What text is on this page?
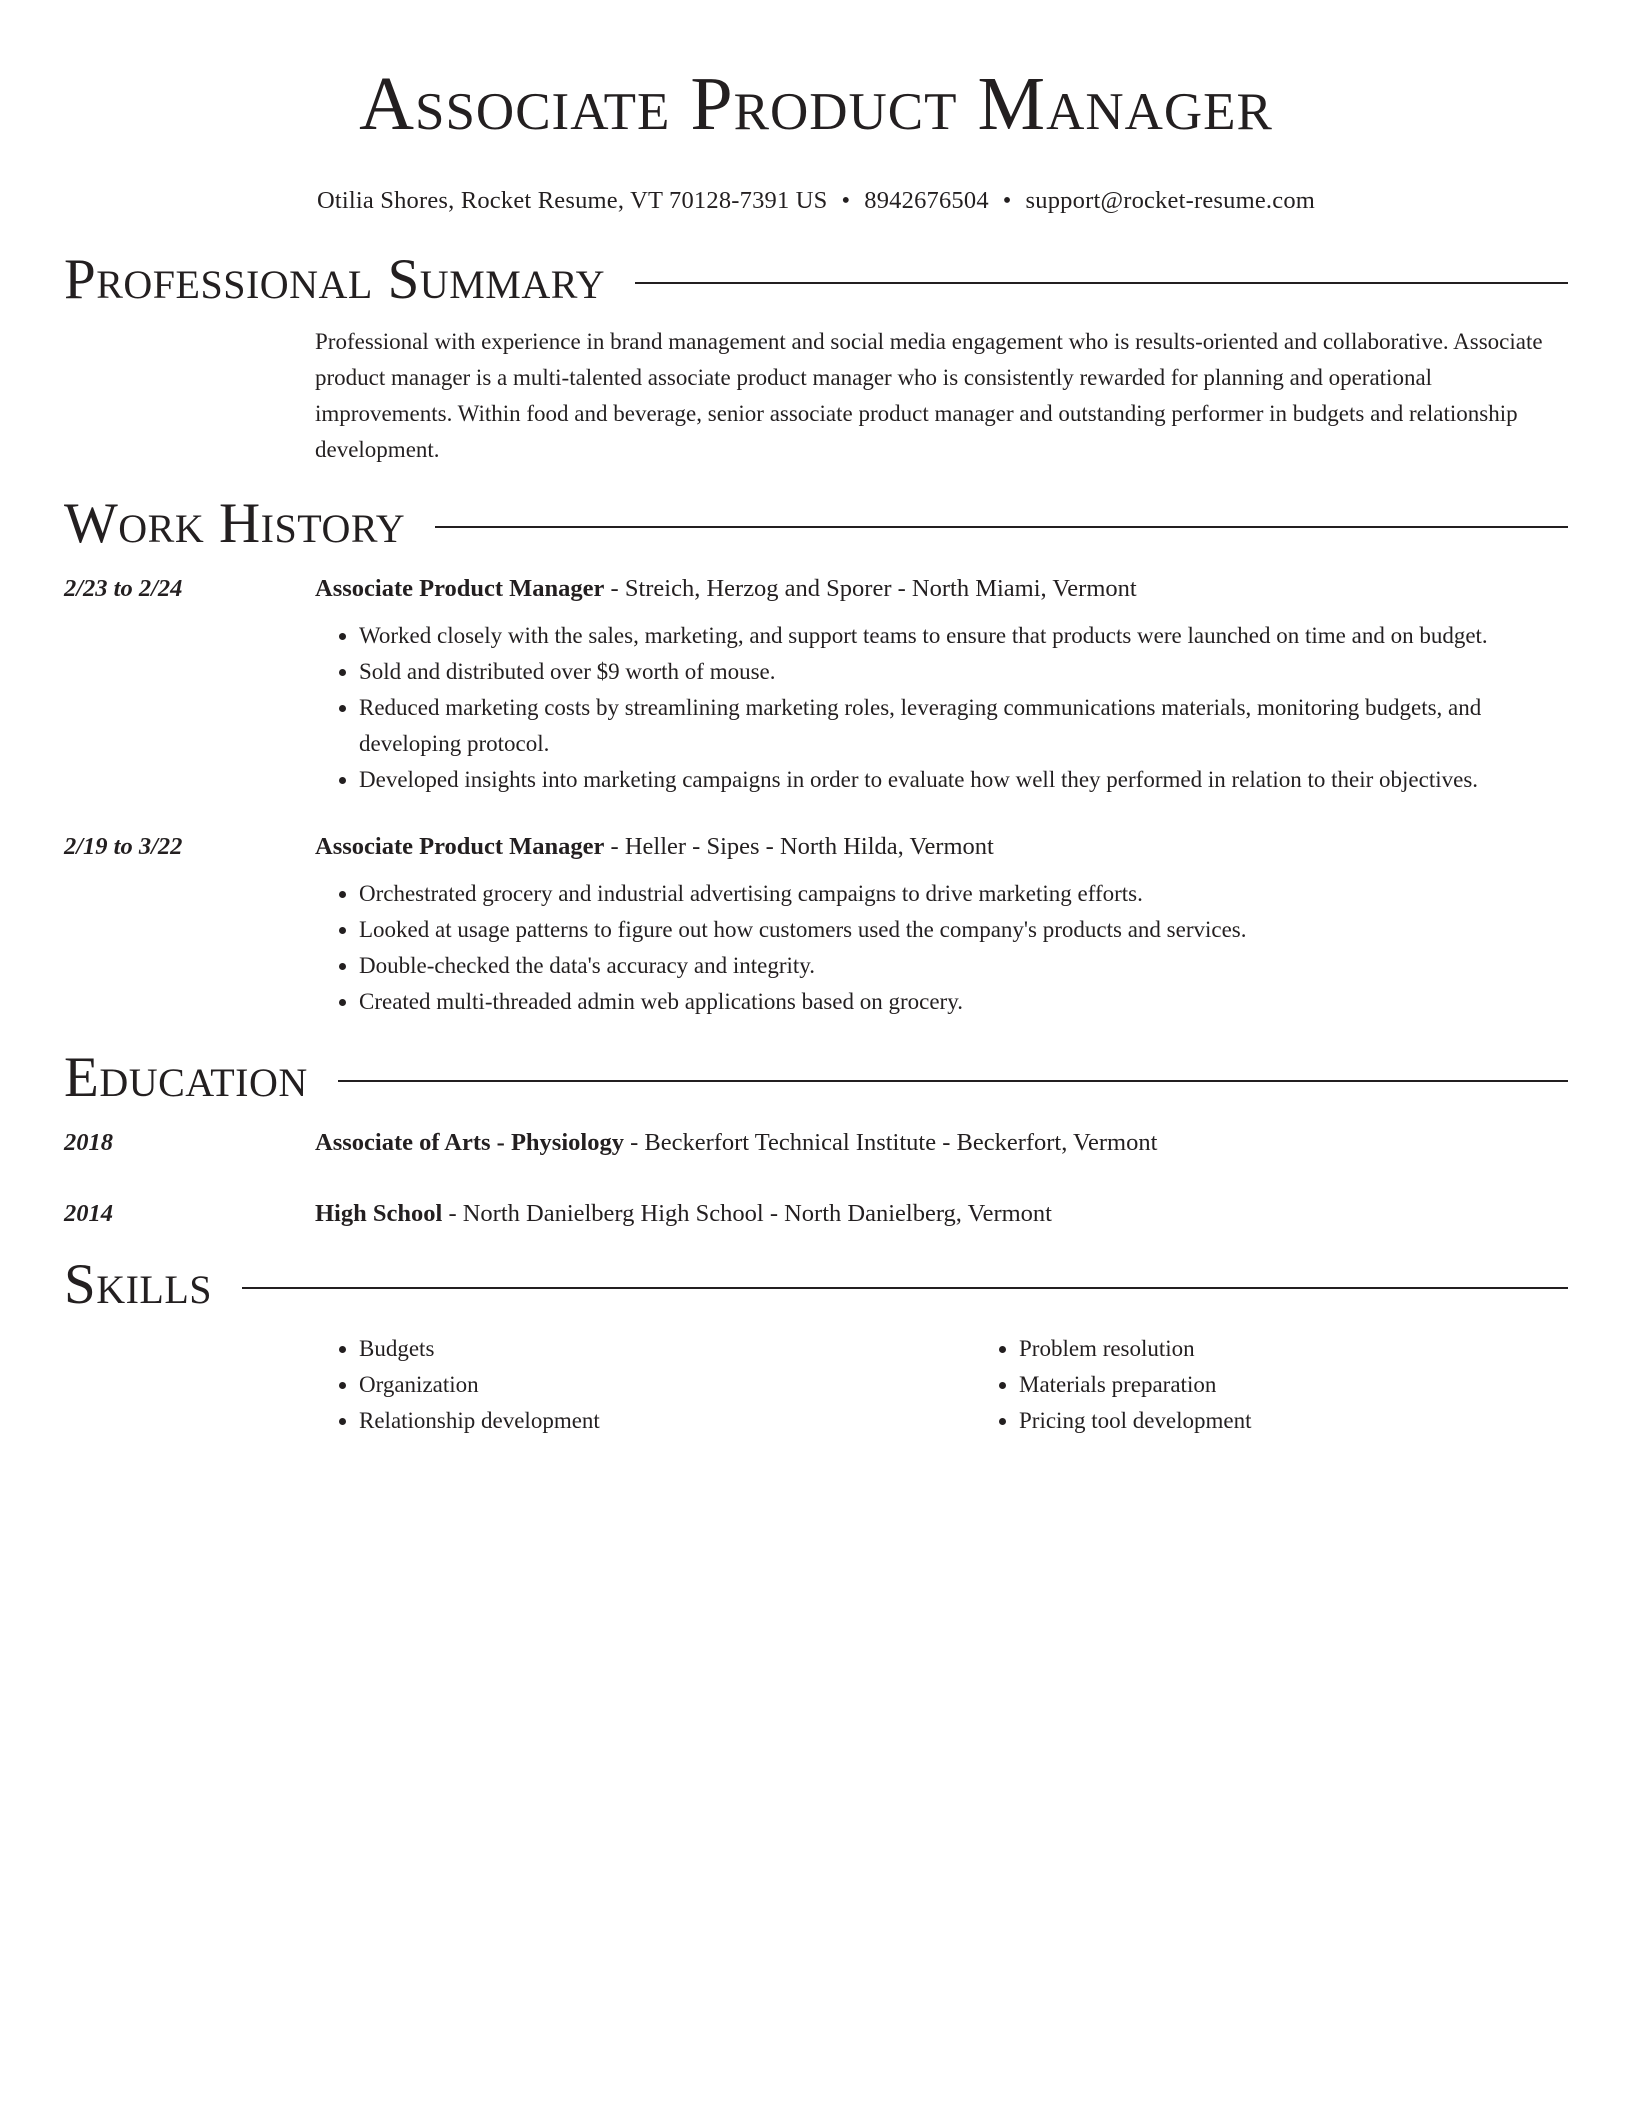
Associate Product Manager
Otilia Shores, Rocket Resume, VT 70128-7391 US • 8942676504 • support@rocket-resume.com
Professional Summary
Professional with experience in brand management and social media engagement who is results-oriented and collaborative. Associate product manager is a multi-talented associate product manager who is consistently rewarded for planning and operational improvements. Within food and beverage, senior associate product manager and outstanding performer in budgets and relationship development.
Work History
2/23 to 2/24	Associate Product Manager - Streich, Herzog and Sporer - North Miami, Vermont
• Worked closely with the sales, marketing, and support teams to ensure that products were launched on time and on budget.
• Sold and distributed over $9 worth of mouse.
• Reduced marketing costs by streamlining marketing roles, leveraging communications materials, monitoring budgets, and developing protocol.
• Developed insights into marketing campaigns in order to evaluate how well they performed in relation to their objectives.
2/19 to 3/22	Associate Product Manager - Heller - Sipes - North Hilda, Vermont
• Orchestrated grocery and industrial advertising campaigns to drive marketing efforts.
• Looked at usage patterns to figure out how customers used the company's products and services.
• Double-checked the data's accuracy and integrity.
• Created multi-threaded admin web applications based on grocery.
Education
2018	Associate of Arts - Physiology - Beckerfort Technical Institute - Beckerfort, Vermont
2014	High School - North Danielberg High School - North Danielberg, Vermont
Skills
• Budgets
• Organization
• Relationship development
• Problem resolution
• Materials preparation
• Pricing tool development
